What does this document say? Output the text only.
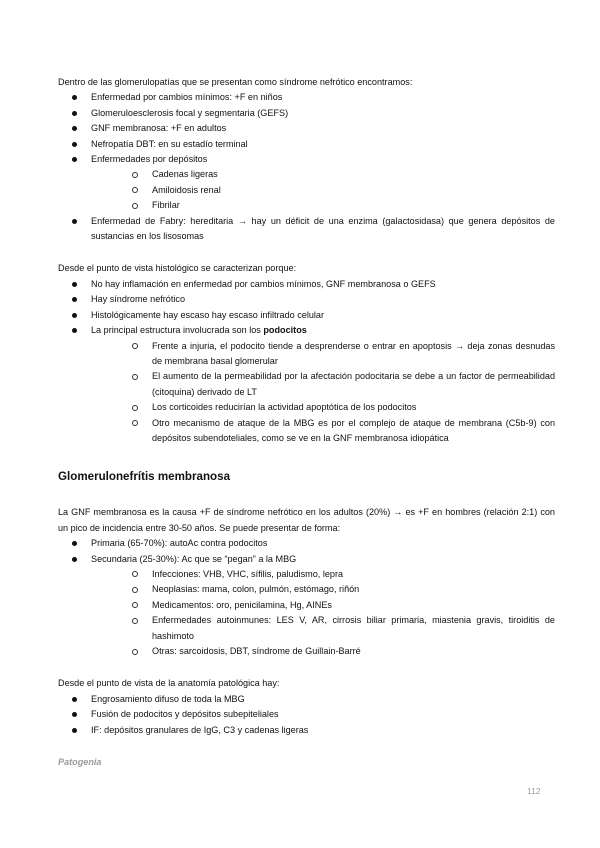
Dentro de las glomerulopatías que se presentan como síndrome nefrótico encontramos:

Enfermedad por cambios mínimos: +F en niños
Glomeruloesclerosis focal y segmentaria (GEFS)
GNF membranosa: +F en adultos
Nefropatía DBT: en su estadío terminal
Enfermedades por depósitos
Cadenas ligeras
Amiloidosis renal
Fibrilar
Enfermedad de Fabry: hereditaria → hay un déficit de una enzima (galactosidasa) que genera depósitos de sustancias en los lisosomas

Desde el punto de vista histológico se caracterizan porque:

No hay inflamación en enfermedad por cambios mínimos, GNF membranosa o GEFS
Hay síndrome nefrótico
Histológicamente hay escaso hay escaso infiltrado celular
La principal estructura involucrada son los podocitos
Frente a injuria, el podocito tiende a desprenderse o entrar en apoptosis → deja zonas desnudas de membrana basal glomerular
El aumento de la permeabilidad por la afectación podocitaria se debe a un factor de permeabilidad (citoquina) derivado de LT
Los corticoides reducirían la actividad apoptótica de los podocitos
Otro mecanismo de ataque de la MBG es por el complejo de ataque de membrana (C5b-9) con depósitos subendoteliales, como se ve en la GNF membranosa idiopática
Glomerulonefrítis membranosa

La GNF membranosa es la causa +F de síndrome nefrótico en los adultos (20%) → es +F en hombres (relación 2:1) con un pico de incidencia entre 30-50 años. Se puede presentar de forma:

Primaria (65-70%): autoAc contra podocitos
Secundaria (25-30%): Ac que se “pegan” a la MBG
Infecciones: VHB, VHC, sífilis, paludismo, lepra
Neoplasias: mama, colon, pulmón, estómago, riñón
Medicamentos: oro, penicilamina, Hg, AINEs
Enfermedades autoinmunes: LES V, AR, cirrosis biliar primaria, miastenia gravis, tiroiditis de hashimoto
Otras: sarcoidosis, DBT, síndrome de Guillain-Barré

Desde el punto de vista de la anatomía patológica hay:

Engrosamiento difuso de toda la MBG
Fusión de podocitos y depósitos subepiteliales
IF: depósitos granulares de IgG, C3 y cadenas ligeras

Patogenia

112
